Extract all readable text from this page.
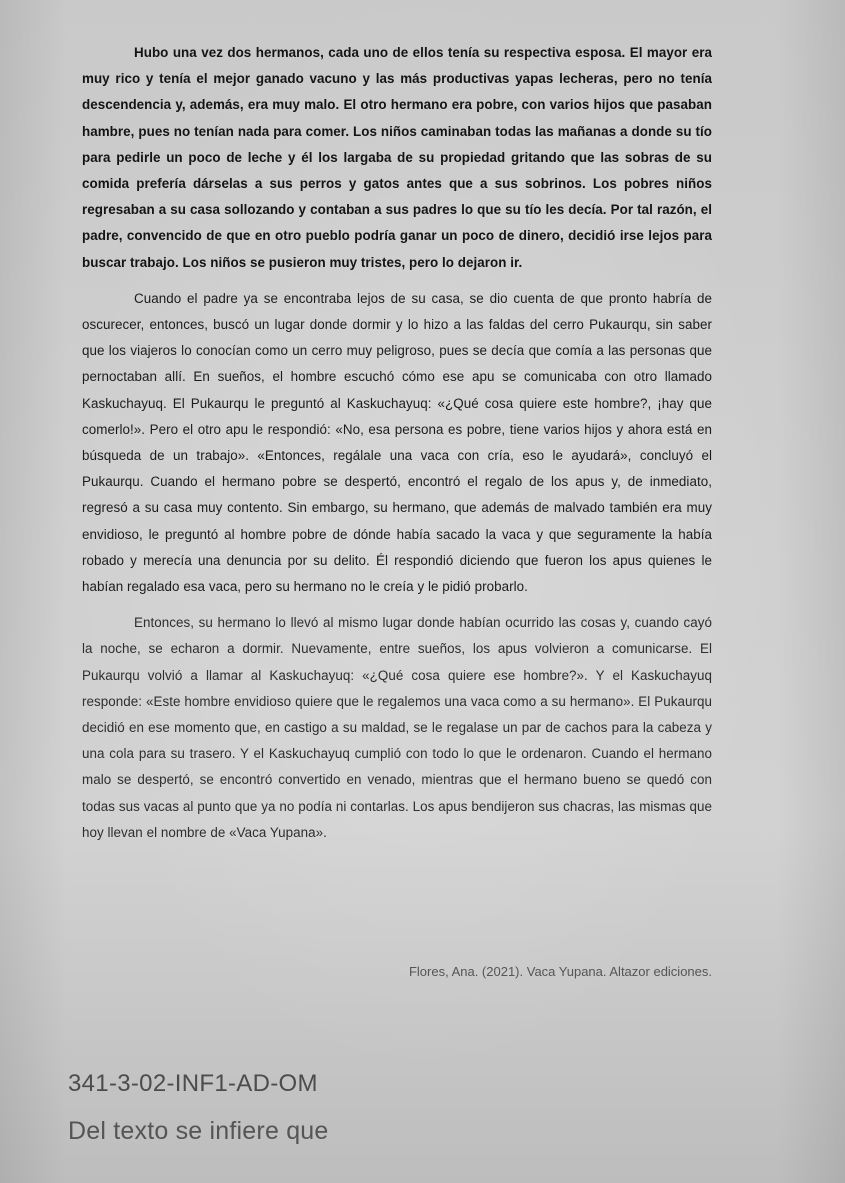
Hubo una vez dos hermanos, cada uno de ellos tenía su respectiva esposa. El mayor era muy rico y tenía el mejor ganado vacuno y las más productivas yapas lecheras, pero no tenía descendencia y, además, era muy malo. El otro hermano era pobre, con varios hijos que pasaban hambre, pues no tenían nada para comer. Los niños caminaban todas las mañanas a donde su tío para pedirle un poco de leche y él los largaba de su propiedad gritando que las sobras de su comida prefería dárselas a sus perros y gatos antes que a sus sobrinos. Los pobres niños regresaban a su casa sollozando y contaban a sus padres lo que su tío les decía. Por tal razón, el padre, convencido de que en otro pueblo podría ganar un poco de dinero, decidió irse lejos para buscar trabajo. Los niños se pusieron muy tristes, pero lo dejaron ir.

Cuando el padre ya se encontraba lejos de su casa, se dio cuenta de que pronto habría de oscurecer, entonces, buscó un lugar donde dormir y lo hizo a las faldas del cerro Pukaurqu, sin saber que los viajeros lo conocían como un cerro muy peligroso, pues se decía que comía a las personas que pernoctaban allí. En sueños, el hombre escuchó cómo ese apu se comunicaba con otro llamado Kaskuchayuq. El Pukaurqu le preguntó al Kaskuchayuq: «¿Qué cosa quiere este hombre?, ¡hay que comerlo!». Pero el otro apu le respondió: «No, esa persona es pobre, tiene varios hijos y ahora está en búsqueda de un trabajo». «Entonces, regálale una vaca con cría, eso le ayudará», concluyó el Pukaurqu. Cuando el hermano pobre se despertó, encontró el regalo de los apus y, de inmediato, regresó a su casa muy contento. Sin embargo, su hermano, que además de malvado también era muy envidioso, le preguntó al hombre pobre de dónde había sacado la vaca y que seguramente la había robado y merecía una denuncia por su delito. Él respondió diciendo que fueron los apus quienes le habían regalado esa vaca, pero su hermano no le creía y le pidió probarlo.

Entonces, su hermano lo llevó al mismo lugar donde habían ocurrido las cosas y, cuando cayó la noche, se echaron a dormir. Nuevamente, entre sueños, los apus volvieron a comunicarse. El Pukaurqu volvió a llamar al Kaskuchayuq: «¿Qué cosa quiere ese hombre?». Y el Kaskuchayuq responde: «Este hombre envidioso quiere que le regalemos una vaca como a su hermano». El Pukaurqu decidió en ese momento que, en castigo a su maldad, se le regalase un par de cachos para la cabeza y una cola para su trasero. Y el Kaskuchayuq cumplió con todo lo que le ordenaron. Cuando el hermano malo se despertó, se encontró convertido en venado, mientras que el hermano bueno se quedó con todas sus vacas al punto que ya no podía ni contarlas. Los apus bendijeron sus chacras, las mismas que hoy llevan el nombre de «Vaca Yupana».

Flores, Ana. (2021). Vaca Yupana. Altazor ediciones.
341-3-02-INF1-AD-OM
Del texto se infiere que
